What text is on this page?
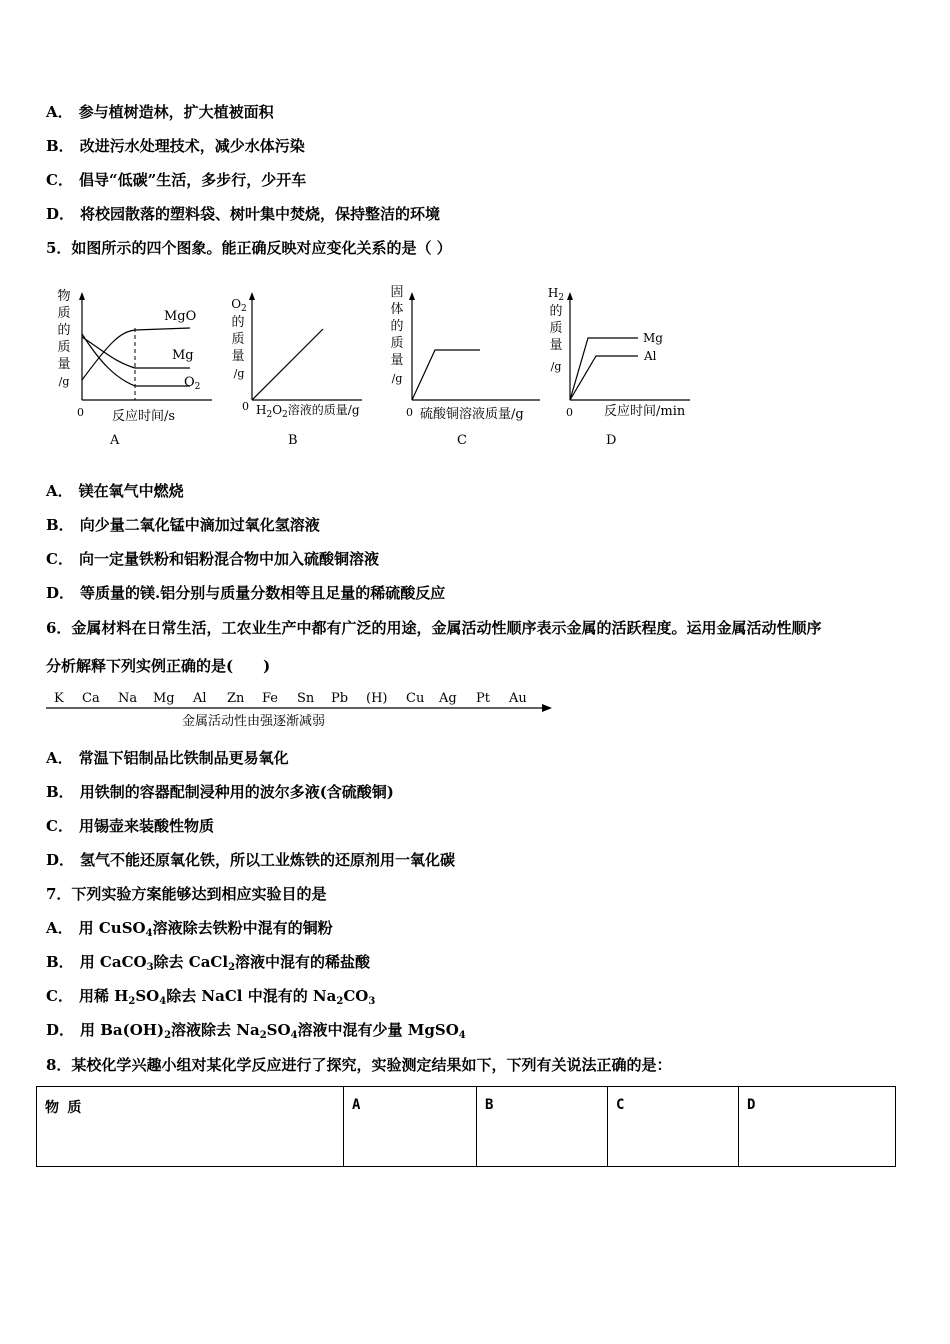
A． 参与植树造林，扩大植被面积
B． 改进污水处理技术，减少水体污染
C． 倡导“低碳”生活，多步行，少开车
D． 将校园散落的塑料袋、树叶集中焚烧，保持整洁的环境
5．如图所示的四个图象。能正确反映对应变化关系的是（ ）
物
质
的
质
量
/g
0
MgO
Mg
$O_2$
反应时间/s
A
$O_2$
的
质
量
/g
0 $H_2O_2$溶液的质量/g
B
固
体
的
质
量
/g
0 硫酸铜溶液质量/g
C
$H_2$
的
质
量
/g
0
Mg
Al
反应时间/min
D
A． 镁在氧气中燃烧
B． 向少量二氧化锰中滴加过氧化氢溶液
C． 向一定量铁粉和铝粉混合物中加入硫酸铜溶液
D． 等质量的镁.铝分别与质量分数相等且足量的稀硫酸反应
6．金属材料在日常生活，工农业生产中都有广泛的用途，金属活动性顺序表示金属的活跃程度。运用金属活动性顺序
分析解释下列实例正确的是(　　)
K Ca Na Mg Al Zn Fe Sn Pb (H) Cu Ag Pt Au
金属活动性由强逐渐减弱
A． 常温下铝制品比铁制品更易氧化
B． 用铁制的容器配制浸种用的波尔多液(含硫酸铜)
C． 用锡壶来装酸性物质
D． 氢气不能还原氧化铁，所以工业炼铁的还原剂用一氧化碳
7．下列实验方案能够达到相应实验目的是
A． 用 CuSO$_4$溶液除去铁粉中混有的铜粉
B． 用 CaCO$_3$除去 CaCl$_2$溶液中混有的稀盐酸
C． 用稀 $H_2SO_4$除去 NaCl 中混有的 $Na_2CO_3$
D． 用 $Ba(OH)_2$溶液除去 $Na_2SO_4$溶液中混有少量 MgSO$_4$
8．某校化学兴趣小组对某化学反应进行了探究，实验测定结果如下，下列有关说法正确的是：
物 质	A	B	C	D
